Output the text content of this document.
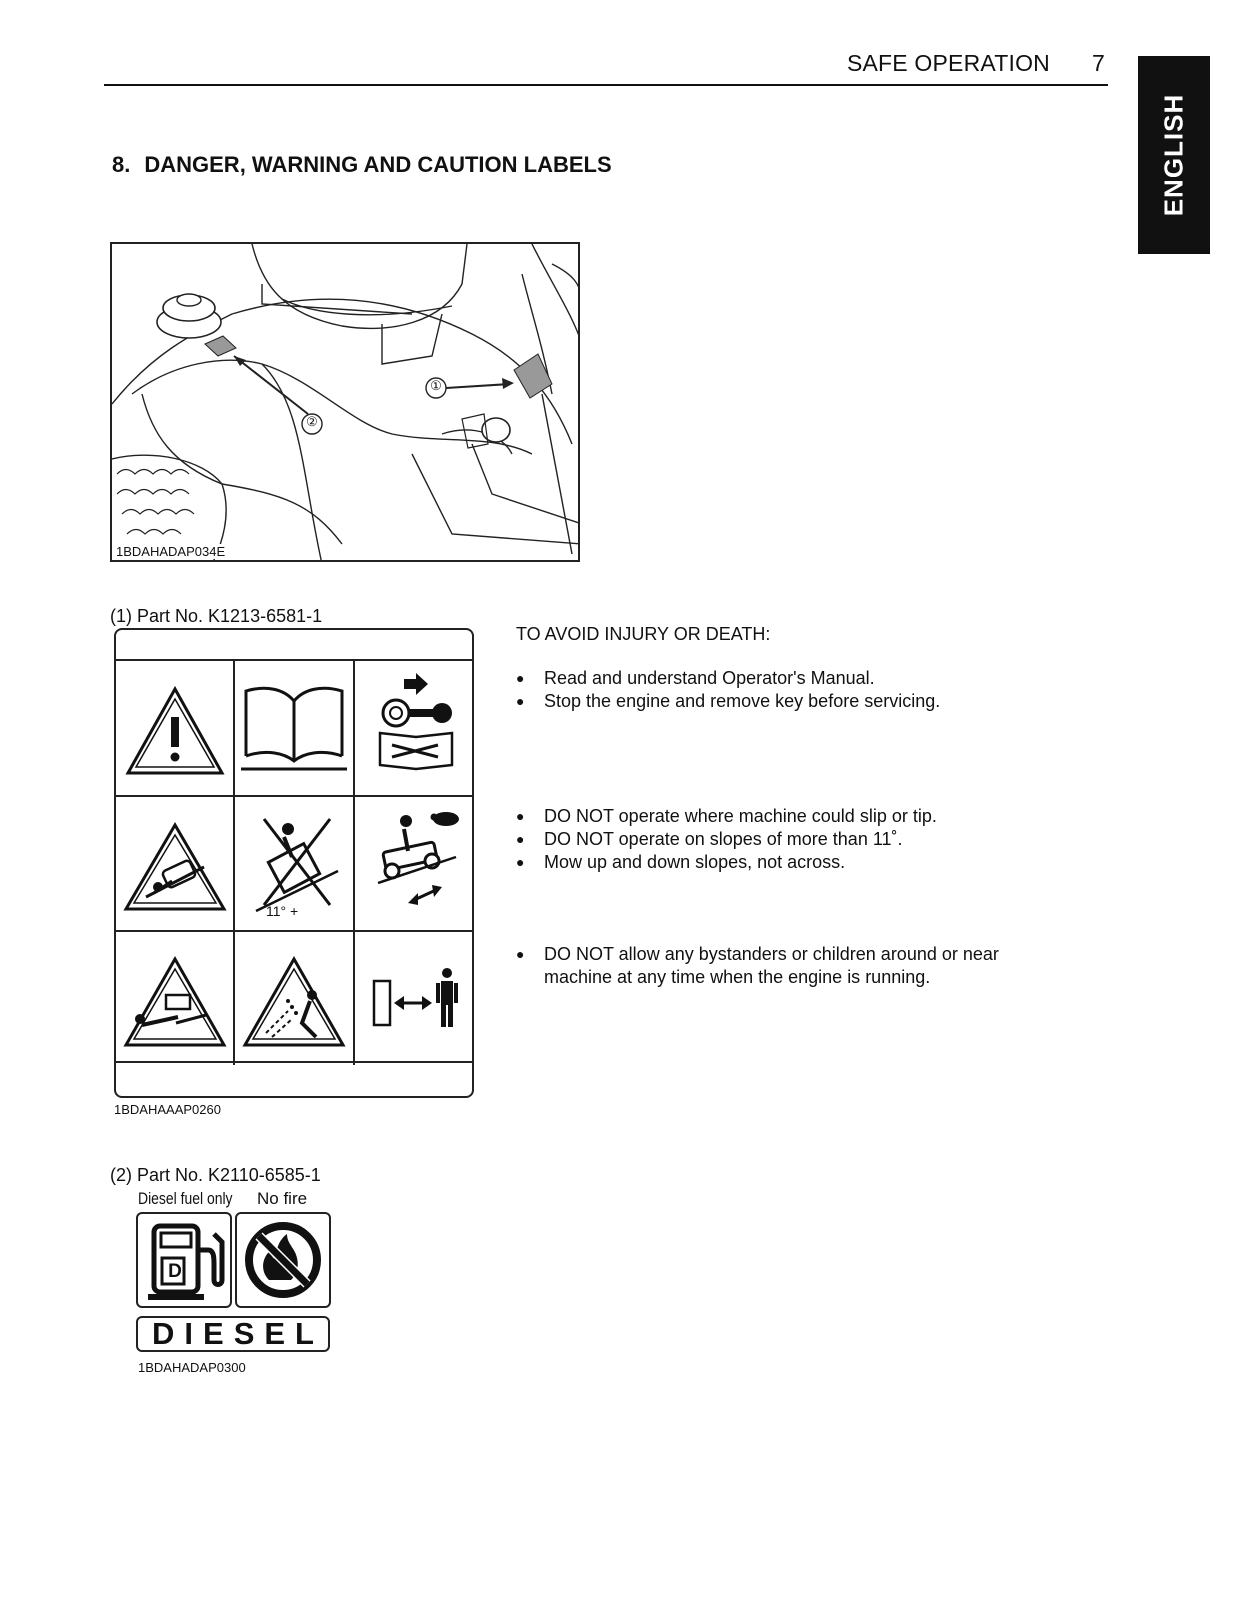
SAFE OPERATION 7
ENGLISH
8. DANGER, WARNING AND CAUTION LABELS
①
②
1BDAHADAP034E
(1) Part No. K1213-6581-1
11° +
1BDAHAAAP0260
TO AVOID INJURY OR DEATH:
● Read and understand Operator's Manual.
● Stop the engine and remove key before servicing.
● DO NOT operate where machine could slip or tip.
● DO NOT operate on slopes of more than 11˚.
● Mow up and down slopes, not across.
● DO NOT allow any bystanders or children around or near machine at any time when the engine is running.
(2) Part No. K2110-6585-1
Diesel fuel only No fire
D
DIESEL
1BDAHADAP0300
